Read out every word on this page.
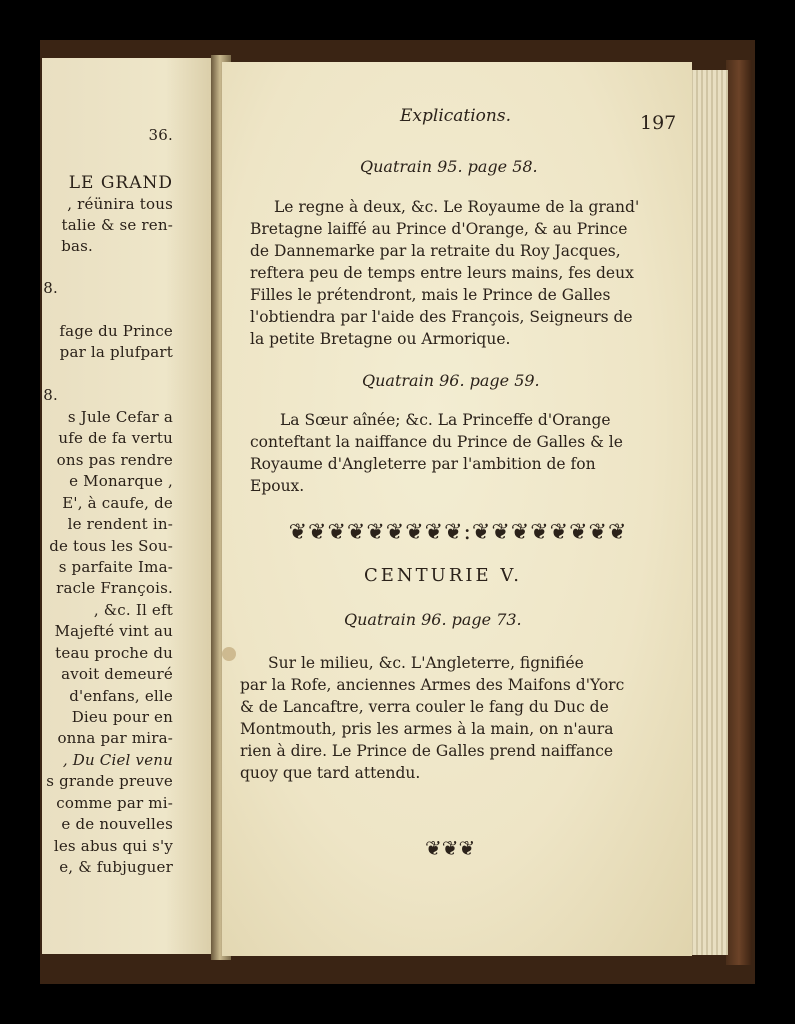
36.
LE GRAND
, réünira tous
talie & se ren-
bas.
8.
fage du Prince
par la plufpart
8.
s Jule Cefar a
ufe de fa vertu
ons pas rendre
e Monarque ,
E', à caufe, de
le rendent in-
de tous les Sou-
s parfaite Ima-
racle François.
, &c. Il eft
Majefté vint au
teau proche du
avoit demeuré
d'enfans, elle
Dieu pour en
onna par mira-
, Du Ciel venu
s grande preuve
comme par mi-
e de nouvelles
les abus qui s'y
e, & fubjuguer
Explications.	197
Quatrain 95. page 58.
Le regne à deux, &c. Le Royaume de la grand'
Bretagne laiffé au Prince d'Orange, & au Prince
de Dannemarke par la retraite du Roy Jacques,
reftera peu de temps entre leurs mains, fes deux
Filles le prétendront, mais le Prince de Galles
l'obtiendra par l'aide des François, Seigneurs de
la petite Bretagne ou Armorique.
Quatrain 96. page 59.
La Sœur aînée; &c. La Princeffe d'Orange
conteftant la naiffance du Prince de Galles & le
Royaume d'Angleterre par l'ambition de fon
Epoux.
CENTURIE V.
Quatrain 96. page 73.
Sur le milieu, &c. L'Angleterre, fignifiée
par la Rofe, anciennes Armes des Maifons d'Yorc
& de Lancaftre, verra couler le fang du Duc de
Montmouth, pris les armes à la main, on n'aura
rien à dire. Le Prince de Galles prend naiffance
quoy que tard attendu.
❦❦❦❦❦❦❦❦❦:❦❦❦❦❦❦❦❦
❦❦❦
